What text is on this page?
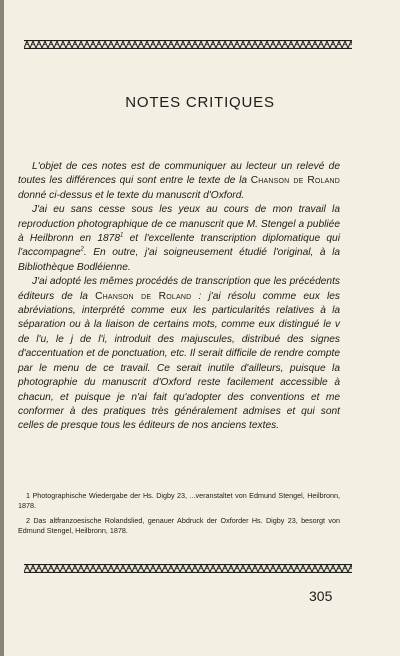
NOTES CRITIQUES

L'objet de ces notes est de communiquer au lecteur un relevé de toutes les différences qui sont entre le texte de la Chanson de Roland donné ci-dessus et le texte du manuscrit d'Oxford.

J'ai eu sans cesse sous les yeux au cours de mon travail la reproduction photographique de ce manuscrit que M. Stengel a publiée à Heilbronn en 1878$^1$ et l'excellente transcription diplomatique qui l'accompagne$^2$. En outre, j'ai soigneusement étudié l'original, à la Bibliothèque Bodléienne.

J'ai adopté les mêmes procédés de transcription que les précédents éditeurs de la Chanson de Roland : j'ai résolu comme eux les abréviations, interprété comme eux les particularités relatives à la séparation ou à la liaison de certains mots, comme eux distingué le v de l'u, le j de l'i, introduit des majuscules, distribué des signes d'accentuation et de ponctuation, etc. Il serait difficile de rendre compte par le menu de ce travail. Ce serait inutile d'ailleurs, puisque la photographie du manuscrit d'Oxford reste facilement accessible à chacun, et puisque je n'ai fait qu'adopter des conventions et me conformer à des pratiques très généralement admises et qui sont celles de presque tous les éditeurs de nos anciens textes.

1 Photographische Wiedergabe der Hs. Digby 23, ...veranstaltet von Edmund Stengel, Heilbronn, 1878.

2 Das altfranzoesische Rolandslied, genauer Abdruck der Oxforder Hs. Digby 23, besorgt von Edmund Stengel, Heilbronn, 1878.

305
